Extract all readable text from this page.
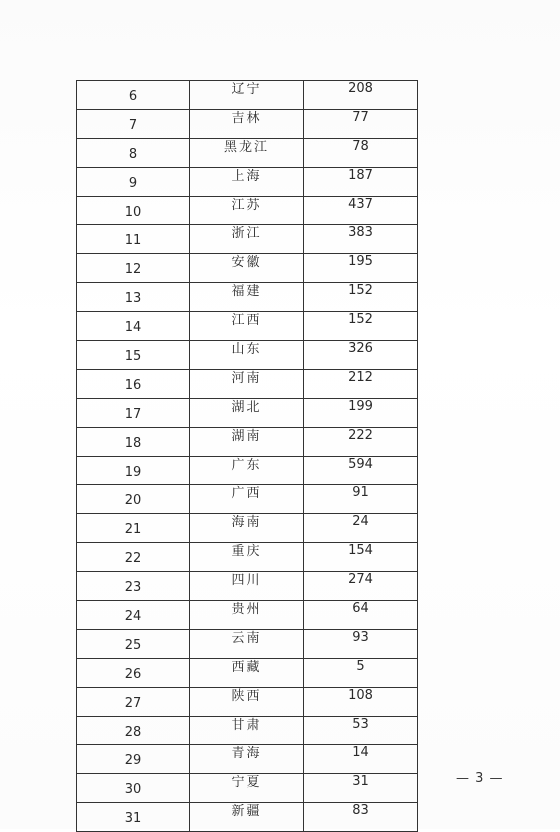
6	辽宁	208
7	吉林	77
8	黑龙江	78
9	上海	187
10	江苏	437
11	浙江	383
12	安徽	195
13	福建	152
14	江西	152
15	山东	326
16	河南	212
17	湖北	199
18	湖南	222
19	广东	594
20	广西	91
21	海南	24
22	重庆	154
23	四川	274
24	贵州	64
25	云南	93
26	西藏	5
27	陕西	108
28	甘肃	53
29	青海	14
30	宁夏	31
31	新疆	83
— 3 —
